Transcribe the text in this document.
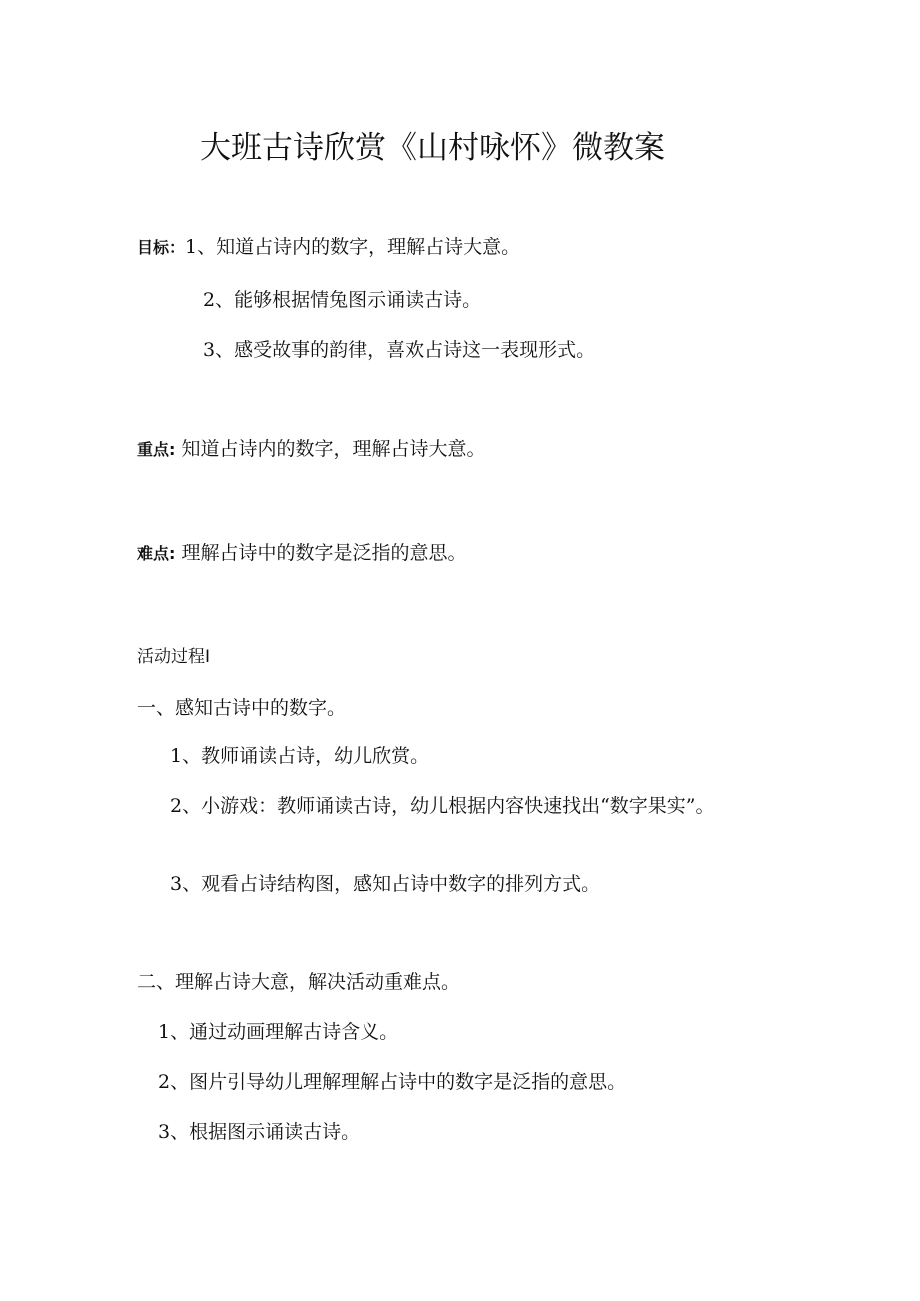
大班古诗欣赏《山村咏怀》微教案
目标：1、知道占诗内的数字，理解占诗大意。
2、能够根据情兔图示诵读古诗。
3、感受故事的韵律，喜欢占诗这一表现形式。
重点: 知道占诗内的数字，理解占诗大意。
难点: 理解占诗中的数字是泛指的意思。
活动过程I
一、感知古诗中的数字。
1、教师诵读占诗，幼儿欣赏。
2、小游戏：教师诵读古诗，幼儿根据内容快速找出“数字果实”。
3、观看占诗结构图，感知占诗中数字的排列方式。
二、理解占诗大意，解决活动重难点。
1、通过动画理解古诗含义。
2、图片引导幼儿理解理解占诗中的数字是泛指的意思。
3、根据图示诵读古诗。
